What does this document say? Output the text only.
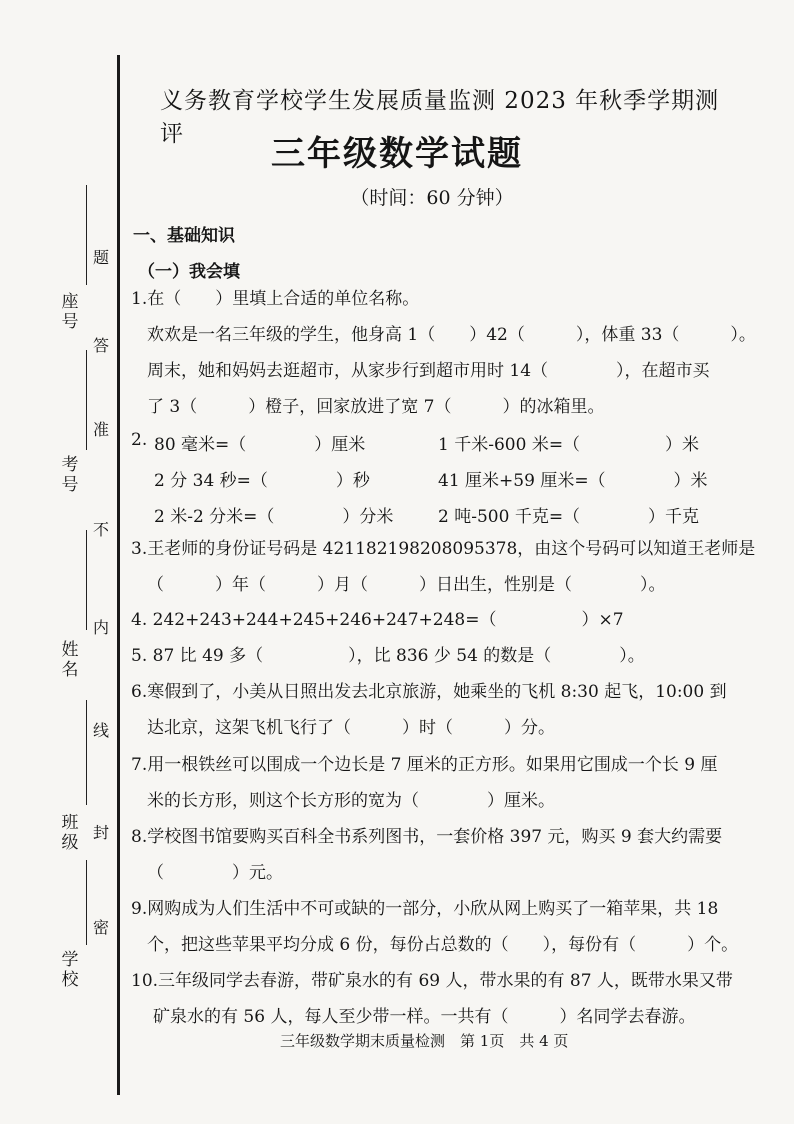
座号
考号
姓名
班级
学校
题
答
准
不
内
线
封
密
义务教育学校学生发展质量监测 2023 年秋季学期测评	三年级数学试题
（时间：60 分钟）
一、基础知识
（一）我会填
1.在（　　）里填上合适的单位名称。
欢欢是一名三年级的学生，他身高 1（　　）42（　　　），体重 33（　　　）。
周末，她和妈妈去逛超市，从家步行到超市用时 14（　　　　），在超市买
了 3（　　　）橙子，回家放进了宽 7（　　　）的冰箱里。
2. 80 毫米=（　　　　）厘米	1 千米-600 米=（　　　　　）米
2 分 34 秒=（　　　　）秒	41 厘米+59 厘米=（　　　　）米
2 米-2 分米=（　　　　）分米	2 吨-500 千克=（　　　　）千克
3.王老师的身份证号码是 421182198208095378，由这个号码可以知道王老师是
（　　　）年（　　　）月（　　　）日出生，性别是（　　　　）。
4. 242+243+244+245+246+247+248=（　　　　　）×7
5. 87 比 49 多（　　　　　），比 836 少 54 的数是（　　　　）。
6.寒假到了，小美从日照出发去北京旅游，她乘坐的飞机 8:30 起飞，10:00 到
达北京，这架飞机飞行了（　　　）时（　　　）分。
7.用一根铁丝可以围成一个边长是 7 厘米的正方形。如果用它围成一个长 9 厘
米的长方形，则这个长方形的宽为（　　　　）厘米。
8.学校图书馆要购买百科全书系列图书，一套价格 397 元，购买 9 套大约需要
（　　　　）元。
9.网购成为人们生活中不可或缺的一部分，小欣从网上购买了一箱苹果，共 18
个，把这些苹果平均分成 6 份，每份占总数的（　　），每份有（　　　）个。
10.三年级同学去春游，带矿泉水的有 69 人，带水果的有 87 人，既带水果又带
矿泉水的有 56 人，每人至少带一样。一共有（　　　）名同学去春游。
三年级数学期末质量检测　第 1页　共 4 页
